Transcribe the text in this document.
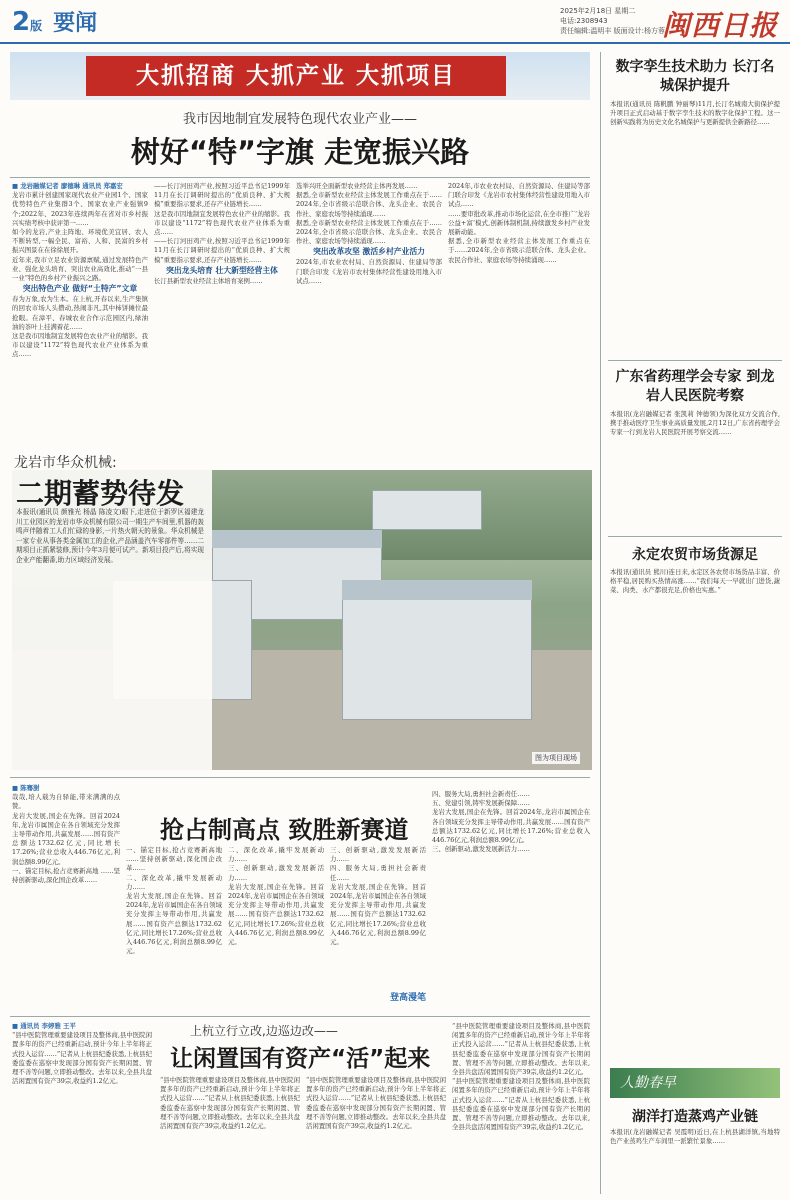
2版 要闻	2025年2月18日 星期二
电话:2308943
责任编辑:温明丰 版面设计:杨方蓉
闽西日报
大抓招商 大抓产业 大抓项目
我市因地制宜发展特色现代农业产业——
树好“特”字旗 走宽振兴路
■ 龙岩融媒记者 廖德琳 通讯员 郑嘉宏

龙岩市累计创建国家现代农业产业园1个、国家优势特色产业集群3个、国家农业产业强镇9个;2022年、2023年连续两年在省对市乡村振兴实绩考核中获评第一……

如今的龙岩,产业主阵地、环境优美宜居、农人不断转型,一幅全民、富裕、人和、民富的乡村振兴图景在在徐徐展开。

近年来,我市立足农业资源禀赋,通过发展特色产业、强化龙头培育、突出农业高效化,推动“一县一业”特色的乡村产业振兴之路。

突出特色产业 做好“土特产”文章

春为万象,农为生本。在上杭,开春以来,生产集镇的回农市场人头攒动,热闹非凡,其中柿饼摊位最抢眼。在漳平、春城农业合作示范园区内,绿油油的茶叶上挂满着花……

这是我市因地制宜发展特色农业产业的缩影。我市以建设“1172”特色现代农业产业体系为重点……

——长汀河田鸡产业,按照习近平总书记1999年11月在长汀调研时提出的“优质良种、扩大规模”重要指示要求,还存产业链增长……

这是我市因地制宜发展特色农业产业的缩影。我市以建设“1172”特色现代农业产业体系为重点……

——长汀河田鸡产业,按照习近平总书记1999年11月在长汀调研时提出的“优质良种、扩大规模”重要指示要求,还存产业链增长……

突出龙头培育 壮大新型经营主体

长汀县新型农业经营主体培育案例……

选举兴旺全面新型农业经营主体再发展……

据悉,全市新型农业经营主体发展工作重点在于……2024年,全市省级示范联合体、龙头企业、农民合作社、家庭农场等持续涌现……

据悉,全市新型农业经营主体发展工作重点在于……2024年,全市省级示范联合体、龙头企业、农民合作社、家庭农场等持续涌现……

突出改革攻坚 激活乡村产业活力

2024年,市农业农村局、自然资源局、住建局等部门联合印发《龙岩市农村集体经营性建设用地入市试点……

2024年,市农业农村局、自然资源局、住建局等部门联合印发《龙岩市农村集体经营性建设用地入市试点……

……要审批改革,推动市场化运营,在全市推广‘龙岩公益+富’模式,创新体制机制,持续激发乡村产业发展新动能。

据悉,全市新型农业经营主体发展工作重点在于……2024年,全市省级示范联合体、龙头企业、农民合作社、家庭农场等持续涌现……

图为项目现场
龙岩市华众机械:
二期蓄势待发
本报讯(通讯员 颜雅光 杨晶 陈凌文)眼下,走进位于新罗区福建龙川工业园区的龙岩市华众机械有限公司一期生产车间里,机器的轰鸣声伴随着工人们忙碌的身影,一片热火朝天的景象。华众机械是一家专业从事各类金属加工的企业,产品涵盖汽车零部件等……二期项目正抓紧装修,预计今年3月便可试产。新项目投产后,将实现企业产能翻番,助力区域经济发展。
■ 陈骞澍

哉哉,培人载为自驿能,带来满满的点赞。

龙岩大发展,国企在先锋。回首2024年,龙岩市属国企在各自领域充分发挥主导带动作用,共赢发展……国有资产总额达1732.62亿元,同比增长17.26%;营业总收入446.76亿元,利润总额8.99亿元。

一、锚定目标,抢占竞赛新高地 ……坚持创新驱动,深化国企改革……

抢占制高点 致胜新赛道

一、锚定目标,抢占竞赛新高地 ……坚持创新驱动,深化国企改革……

二、深化改革,撬牢发展新动力……

龙岩大发展,国企在先锋。回首2024年,龙岩市属国企在各自领域充分发挥主导带动作用,共赢发展……国有资产总额达1732.62亿元,同比增长17.26%;营业总收入446.76亿元,利润总额8.99亿元。

二、深化改革,撬牢发展新动力……

三、创新驱动,激发发展新活力……

龙岩大发展,国企在先锋。回首2024年,龙岩市属国企在各自领域充分发挥主导带动作用,共赢发展……国有资产总额达1732.62亿元,同比增长17.26%;营业总收入446.76亿元,利润总额8.99亿元。

三、创新驱动,激发发展新活力……

四、服务大局,勇担社会新责任……

龙岩大发展,国企在先锋。回首2024年,龙岩市属国企在各自领域充分发挥主导带动作用,共赢发展……国有资产总额达1732.62亿元,同比增长17.26%;营业总收入446.76亿元,利润总额8.99亿元。

四、服务大局,勇担社会新责任……

五、党建引领,铸牢发展新保障……

龙岩大发展,国企在先锋。回首2024年,龙岩市属国企在各自领域充分发挥主导带动作用,共赢发展……国有资产总额达1732.62亿元,同比增长17.26%;营业总收入446.76亿元,利润总额8.99亿元。

三、创新驱动,激发发展新活力……

登高漫笔
■ 通讯员 李婷雅 王平

“县中医院管理重要建设项目及整体商,县中医院闲置多年的资产已经重新启动,预计今年上半年将正式投入运营……”记者从上杭县纪委获悉,上杭县纪委监委在巡察中发现部分国有资产长期闲置、管理不善等问题,立即推动整改。去年以来,全县共盘活闲置国有资产39宗,收益约1.2亿元。

上杭立行立改,边巡边改——
让闲置国有资产“活”起来

“县中医院管理重要建设项目及整体商,县中医院闲置多年的资产已经重新启动,预计今年上半年将正式投入运营……”记者从上杭县纪委获悉,上杭县纪委监委在巡察中发现部分国有资产长期闲置、管理不善等问题,立即推动整改。去年以来,全县共盘活闲置国有资产39宗,收益约1.2亿元。

“县中医院管理重要建设项目及整体商,县中医院闲置多年的资产已经重新启动,预计今年上半年将正式投入运营……”记者从上杭县纪委获悉,上杭县纪委监委在巡察中发现部分国有资产长期闲置、管理不善等问题,立即推动整改。去年以来,全县共盘活闲置国有资产39宗,收益约1.2亿元。

“县中医院管理重要建设项目及整体商,县中医院闲置多年的资产已经重新启动,预计今年上半年将正式投入运营……”记者从上杭县纪委获悉,上杭县纪委监委在巡察中发现部分国有资产长期闲置、管理不善等问题,立即推动整改。去年以来,全县共盘活闲置国有资产39宗,收益约1.2亿元。

“县中医院管理重要建设项目及整体商,县中医院闲置多年的资产已经重新启动,预计今年上半年将正式投入运营……”记者从上杭县纪委获悉,上杭县纪委监委在巡察中发现部分国有资产长期闲置、管理不善等问题,立即推动整改。去年以来,全县共盘活闲置国有资产39宗,收益约1.2亿元。

数字孪生技术助力 长汀名城保护提升
本报讯(通讯员 陈帆鹏 钟丽琴)11月,长汀名城南大街保护提升项目正式启动基于数字孪生技术的数字化保护工程。这一创新实践将为历史文化名城保护与更新提供全新路径……
广东省药理学会专家 到龙岩人民医院考察
本报讯(龙岩融媒记者 张凯莉 钟德领)为深化双方交流合作,携手推动医疗卫生事业高质量发展,2月12日,广东省药理学会专家一行到龙岩人民医院开展考察交流……
永定农贸市场货源足
本报讯(通讯员 熊川)连日来,永定区各农贸市场货品丰富、价格平稳,居民购买热情高涨……“我们每天一早就出门进货,蔬菜、肉类、水产都很充足,价格也实惠。”
人勤春早
湖洋打造蒸鸡产业链
本报讯(龙岩融媒记者 吴霞明)近日,在上杭县湖洋镇,当地特色产业蒸鸡生产车间里一派繁忙景象……
